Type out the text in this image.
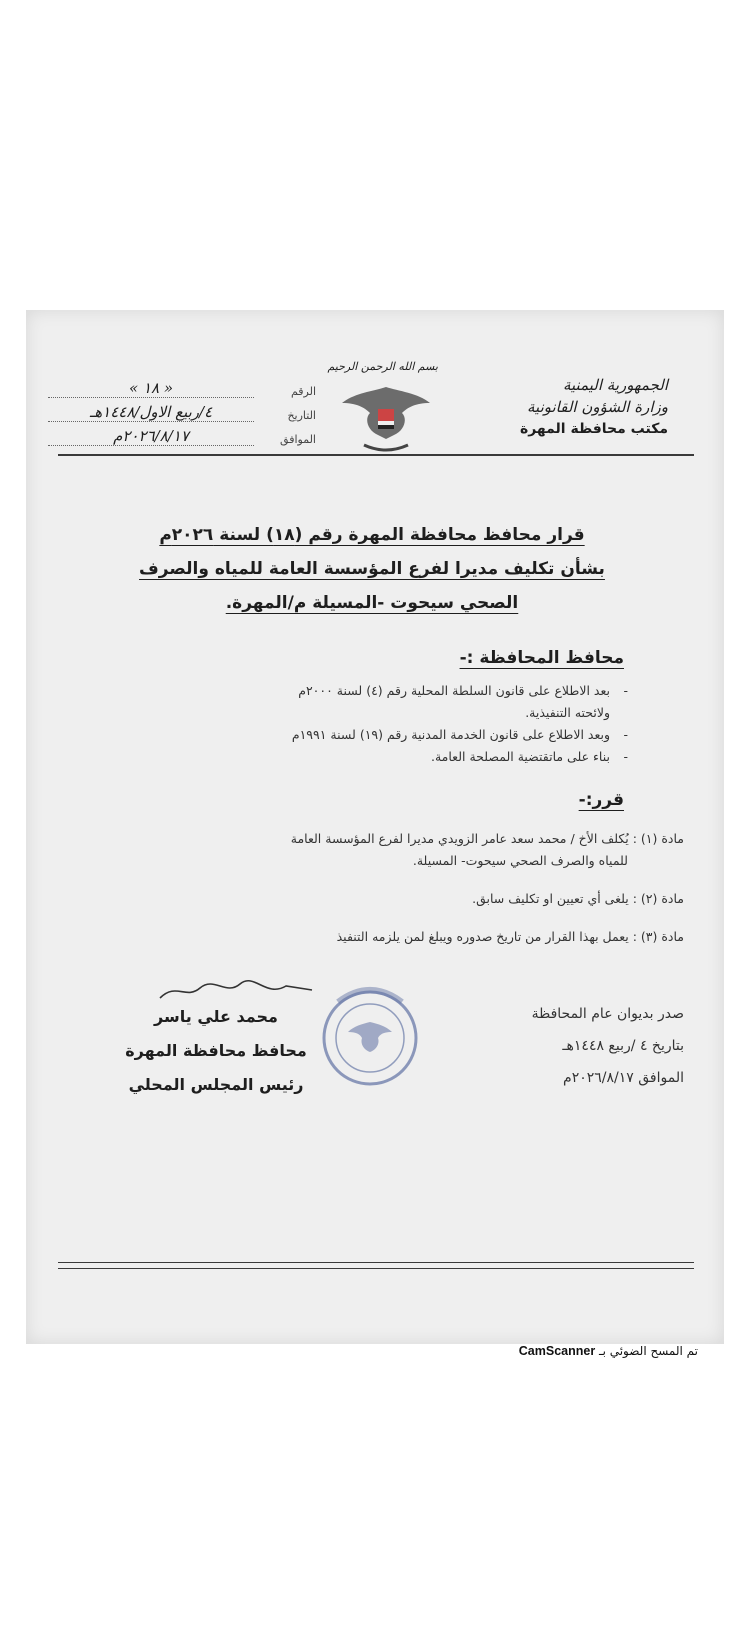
الجمهورية اليمنية
وزارة الشؤون القانونية
مكتب محافظة المهرة
بسم الله الرحمن الرحيم
الرقم
« ١٨ »
التاريخ
٤/ربيع الاول/١٤٤٨هـ
الموافق
٢٠٢٦/٨/١٧م
قرار محافظ محافظة المهرة رقم (١٨) لسنة ٢٠٢٦م
بشأن تكليف مديرا لفرع المؤسسة العامة للمياه والصرف
الصحي سيحوت -المسيلة م/المهرة.
محافظ المحافظة :-
-بعد الاطلاع على قانون السلطة المحلية رقم (٤) لسنة ٢٠٠٠م
ولائحته التنفيذية.
-وبعد الاطلاع على قانون الخدمة المدنية رقم (١٩) لسنة ١٩٩١م
-بناء على ماتقتضية المصلحة العامة.
قرر:-
مادة (١) : يُكلف الأخ / محمد سعد عامر الزويدي مديرا لفرع المؤسسة العامة
للمياه والصرف الصحي سيحوت- المسيلة.
مادة (٢) : يلغى أي تعيين او تكليف سابق.
مادة (٣) : يعمل بهذا القرار من تاريخ صدوره ويبلغ لمن يلزمه التنفيذ
صدر بديوان عام المحافظة
بتاريخ ٤ /ربيع ١٤٤٨هـ
الموافق ٢٠٢٦/٨/١٧م
محمد علي ياسر
محافظ محافظة المهرة
رئيس المجلس المحلي
تم المسح الضوئي بـ CamScanner
